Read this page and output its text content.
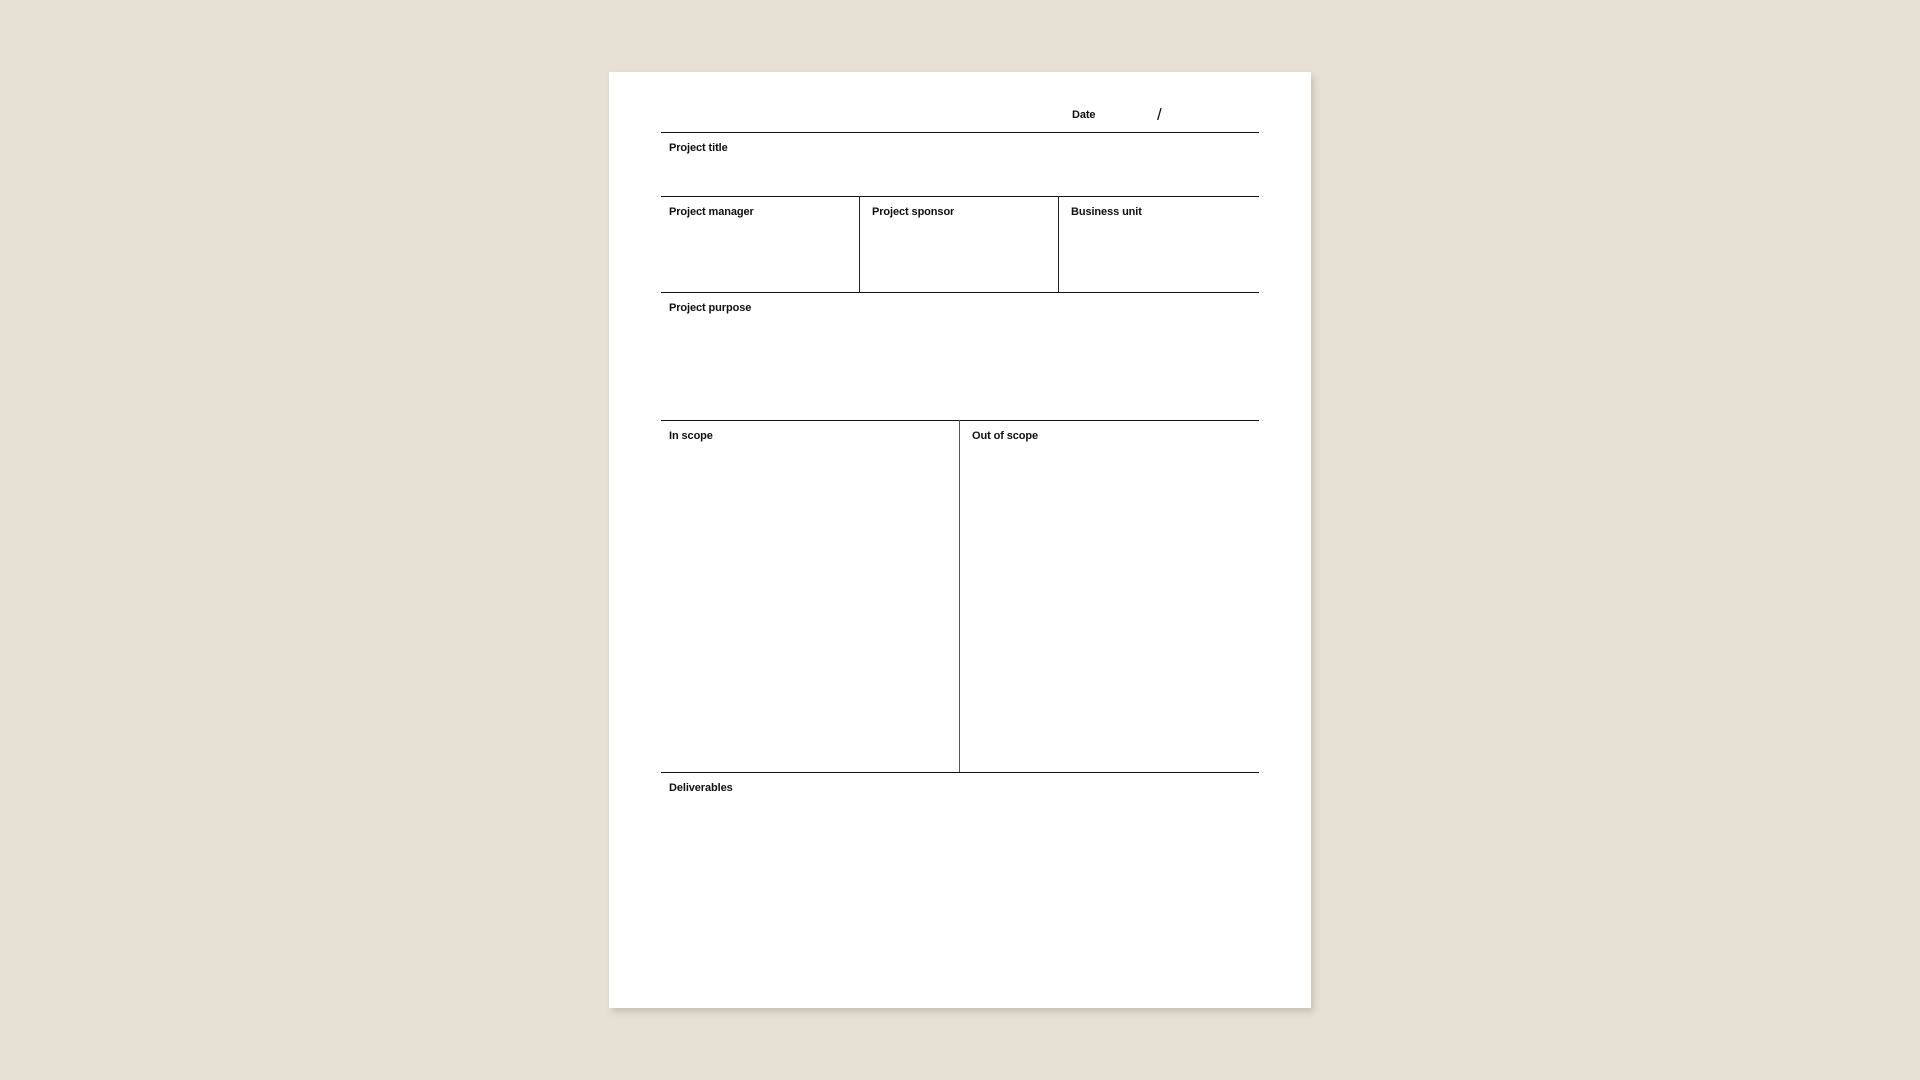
Date	/
Project title
Project manager	Project sponsor	Business unit
Project purpose
In scope	Out of scope
Deliverables
